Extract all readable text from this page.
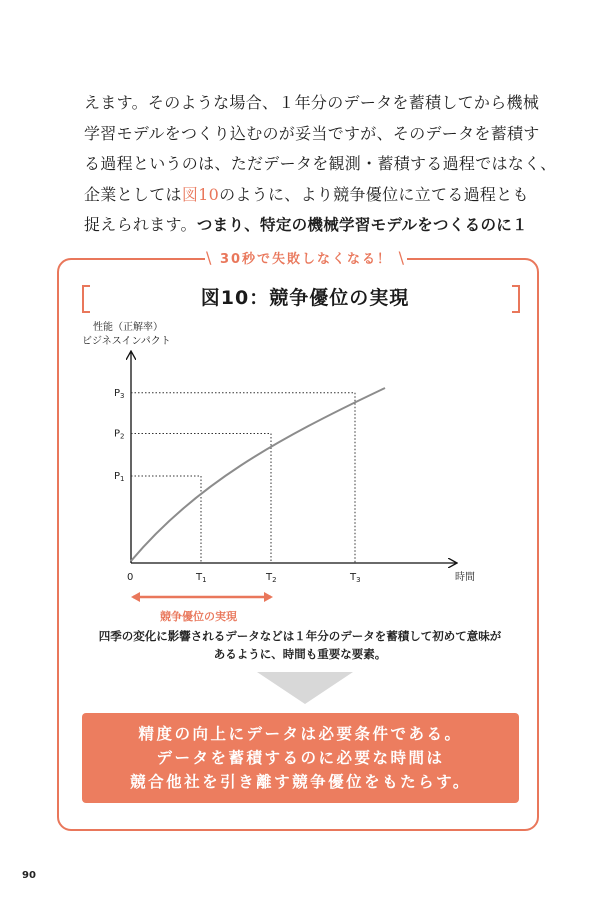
えます。そのような場合、１年分のデータを蓄積してから機械

学習モデルをつくり込むのが妥当ですが、そのデータを蓄積す

る過程というのは、ただデータを観測・蓄積する過程ではなく、

企業としては図10のように、より競争優位に立てる過程とも

捉えられます。つまり、特定の機械学習モデルをつくるのに１

\ 30秒で失敗しなくなる！ \
図10：競争優位の実現
性能（正解率）
ビジネスインパクト
$P_1$
$T_1$
$P_2$
$T_2$
$P_3$
$T_3$
0	時間
競争優位の実現

四季の変化に影響されるデータなどは１年分のデータを蓄積して初めて意味が

あるように、時間も重要な要素。

精度の向上にデータは必要条件である。

データを蓄積するのに必要な時間は

競合他社を引き離す競争優位をもたらす。

90
